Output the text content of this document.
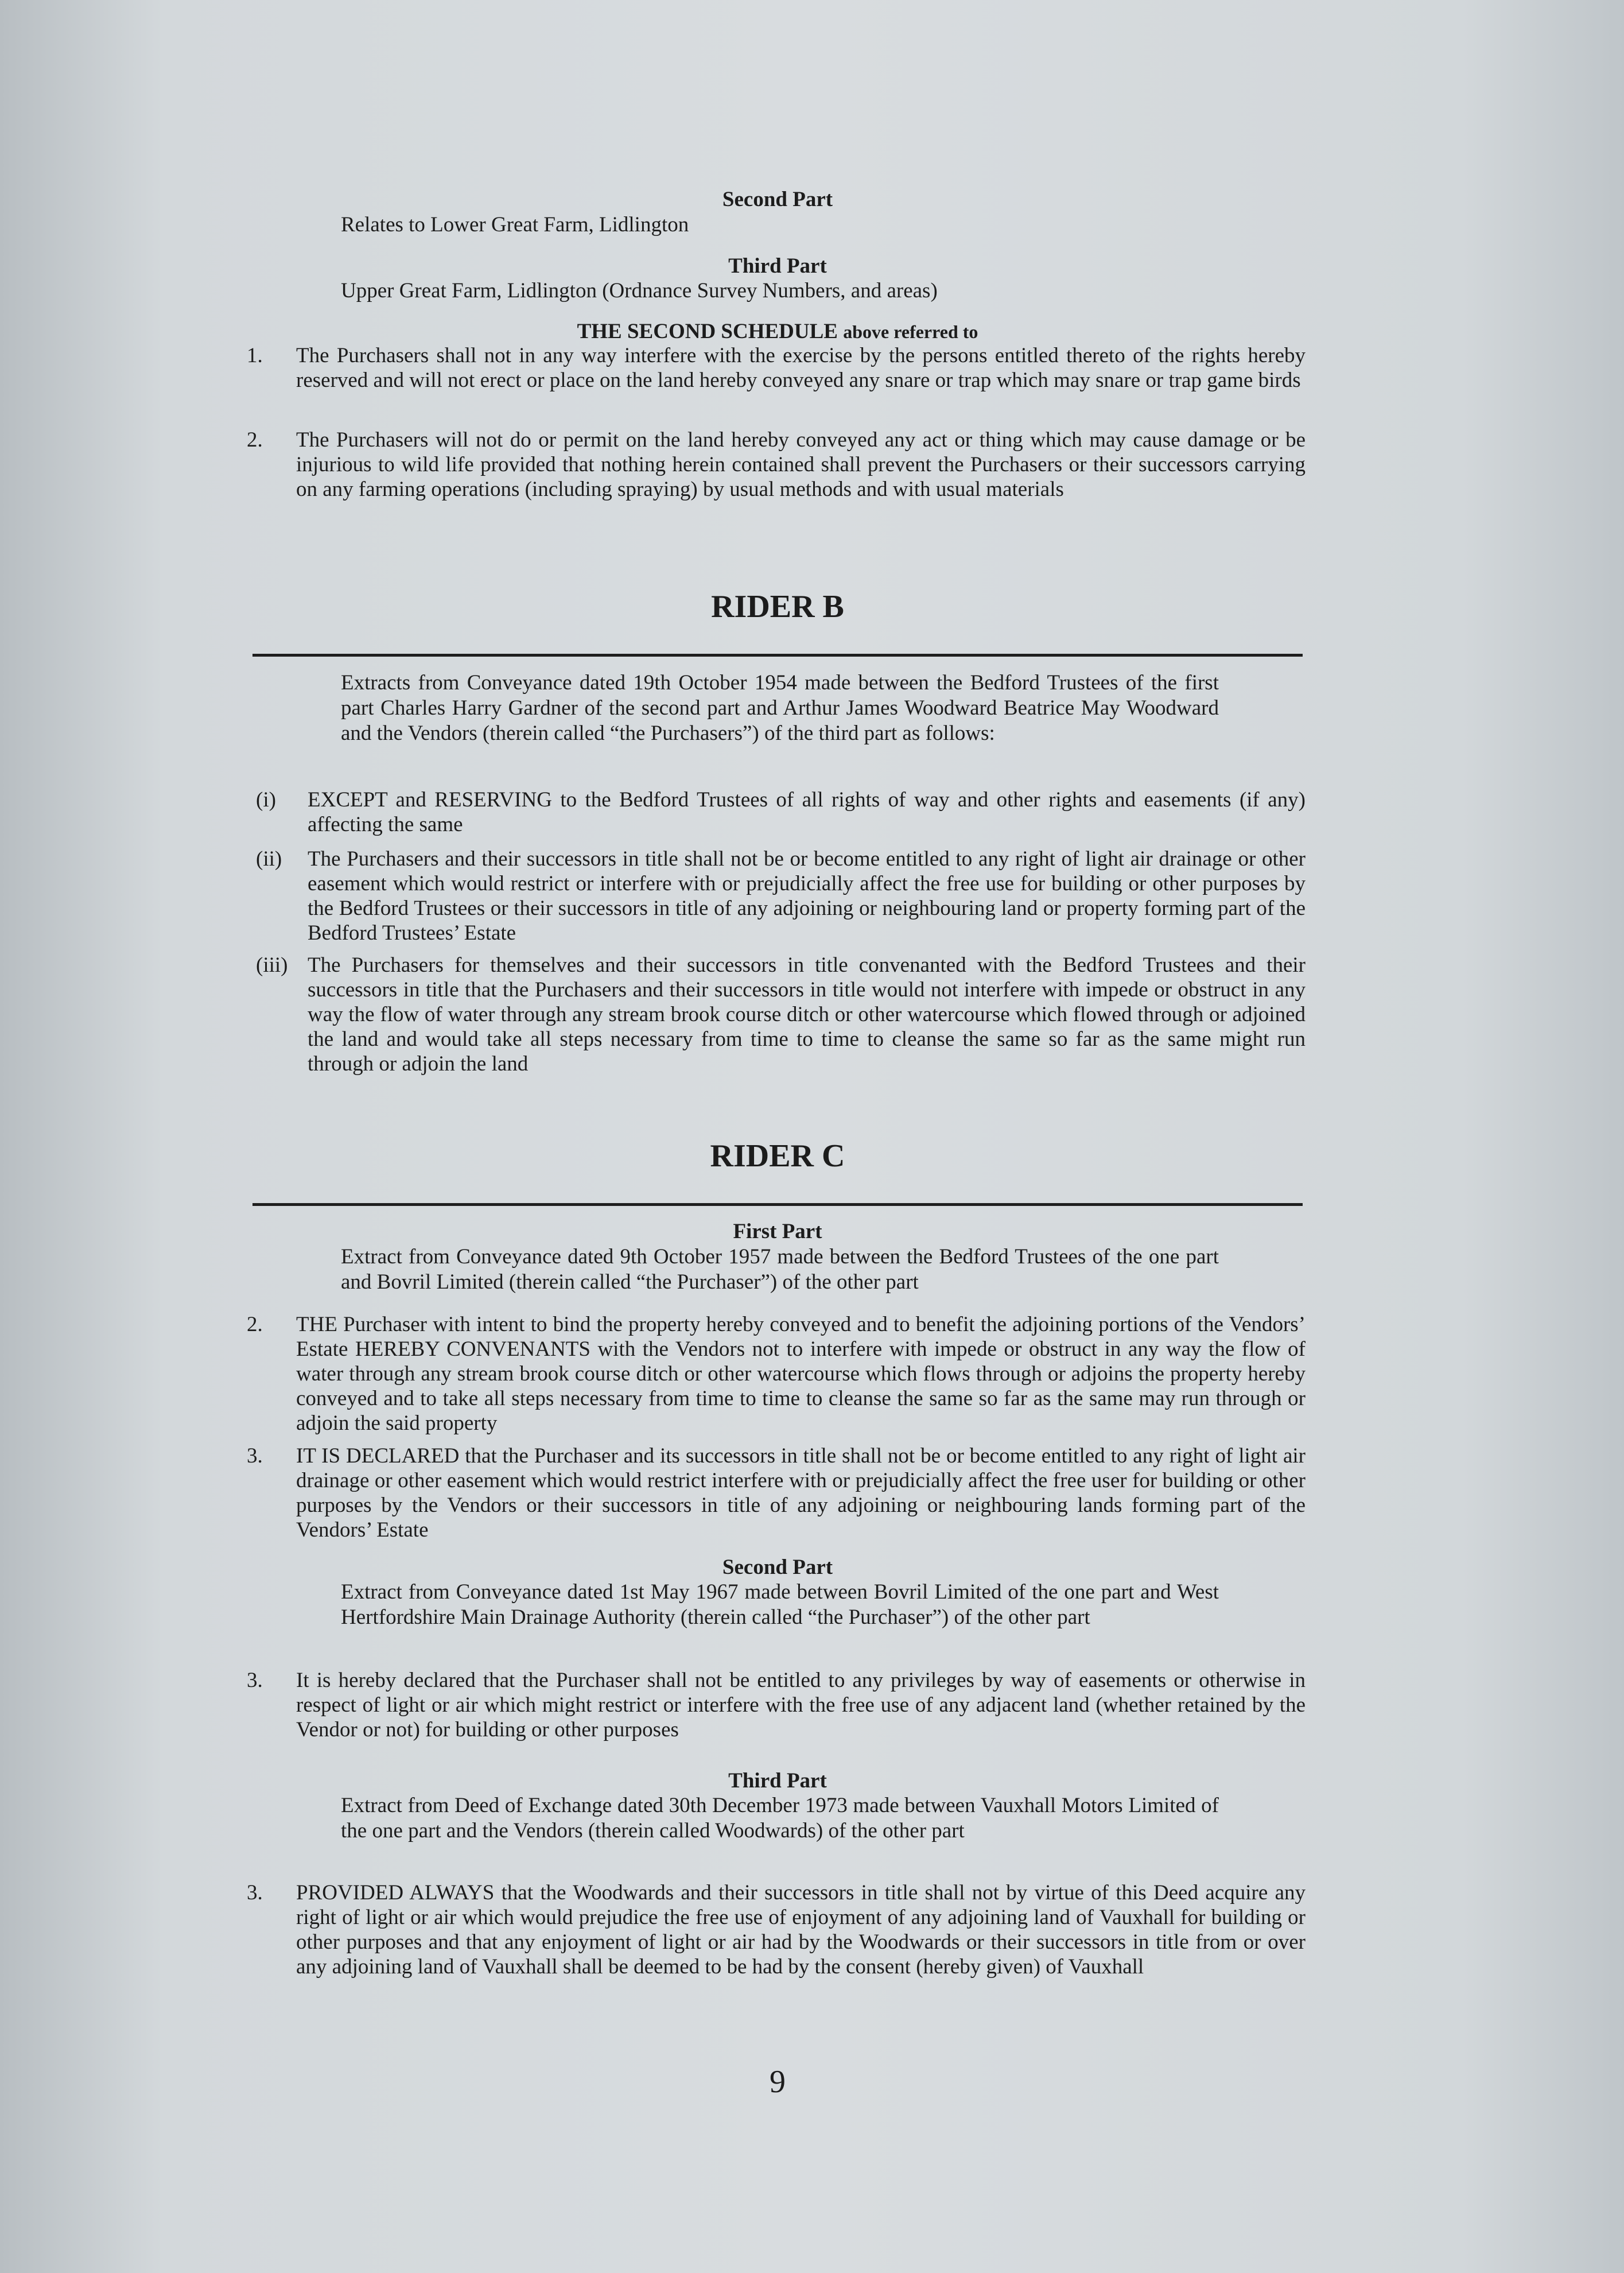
Second Part
Relates to Lower Great Farm, Lidlington
Third Part
Upper Great Farm, Lidlington (Ordnance Survey Numbers, and areas)
THE SECOND SCHEDULE above referred to
1.	The Purchasers shall not in any way interfere with the exercise by the persons entitled thereto of the rights hereby reserved and will not erect or place on the land hereby conveyed any snare or trap which may snare or trap game birds
2.	The Purchasers will not do or permit on the land hereby conveyed any act or thing which may cause damage or be injurious to wild life provided that nothing herein contained shall prevent the Purchasers or their successors carrying on any farming operations (including spraying) by usual methods and with usual materials
RIDER B
Extracts from Conveyance dated 19th October 1954 made between the Bedford Trustees of the first part Charles Harry Gardner of the second part and Arthur James Woodward Beatrice May Woodward and the Vendors (therein called “the Purchasers”) of the third part as follows:
(i)	EXCEPT and RESERVING to the Bedford Trustees of all rights of way and other rights and easements (if any) affecting the same
(ii)	The Purchasers and their successors in title shall not be or become entitled to any right of light air drainage or other easement which would restrict or interfere with or prejudicially affect the free use for building or other purposes by the Bedford Trustees or their successors in title of any adjoining or neighbouring land or property forming part of the Bedford Trustees’ Estate
(iii) The Purchasers for themselves and their successors in title convenanted with the Bedford Trustees and their successors in title that the Purchasers and their successors in title would not interfere with impede or obstruct in any way the flow of water through any stream brook course ditch or other watercourse which flowed through or adjoined the land and would take all steps necessary from time to time to cleanse the same so far as the same might run through or adjoin the land
RIDER C
First Part
Extract from Conveyance dated 9th October 1957 made between the Bedford Trustees of the one part and Bovril Limited (therein called “the Purchaser”) of the other part
2.	THE Purchaser with intent to bind the property hereby conveyed and to benefit the adjoining portions of the Vendors’ Estate HEREBY CONVENANTS with the Vendors not to interfere with impede or obstruct in any way the flow of water through any stream brook course ditch or other watercourse which flows through or adjoins the property hereby conveyed and to take all steps necessary from time to time to cleanse the same so far as the same may run through or adjoin the said property
3.	IT IS DECLARED that the Purchaser and its successors in title shall not be or become entitled to any right of light air drainage or other easement which would restrict interfere with or prejudicially affect the free user for building or other purposes by the Vendors or their successors in title of any adjoining or neighbouring lands forming part of the Vendors’ Estate
Second Part
Extract from Conveyance dated 1st May 1967 made between Bovril Limited of the one part and West Hertfordshire Main Drainage Authority (therein called “the Purchaser”) of the other part
3.	It is hereby declared that the Purchaser shall not be entitled to any privileges by way of easements or otherwise in respect of light or air which might restrict or interfere with the free use of any adjacent land (whether retained by the Vendor or not) for building or other purposes
Third Part
Extract from Deed of Exchange dated 30th December 1973 made between Vauxhall Motors Limited of the one part and the Vendors (therein called Woodwards) of the other part
3.	PROVIDED ALWAYS that the Woodwards and their successors in title shall not by virtue of this Deed acquire any right of light or air which would prejudice the free use of enjoyment of any adjoining land of Vauxhall for building or other purposes and that any enjoyment of light or air had by the Woodwards or their successors in title from or over any adjoining land of Vauxhall shall be deemed to be had by the consent (hereby given) of Vauxhall
9
